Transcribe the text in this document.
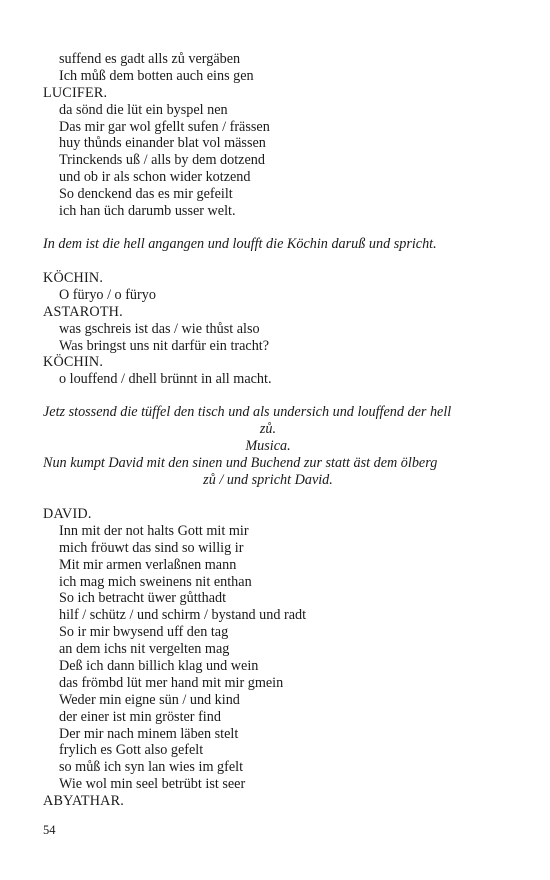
suffend es gadt alls zů vergäben
Ich můß dem botten auch eins gen
LUCIFER.
da sönd die lüt ein byspel nen
Das mir gar wol gfellt sufen / frässen
huy thůnds einander blat vol mässen
Trinckends uß / alls by dem dotzend
und ob ir als schon wider kotzend
So denckend das es mir gefeilt
ich han üch darumb usser welt.
In dem ist die hell angangen und loufft die Köchin daruß und spricht.
KÖCHIN.
O füryo / o füryo
ASTAROTH.
was gschreis ist das / wie thůst also
Was bringst uns nit darfür ein tracht?
KÖCHIN.
o louffend / dhell brünnt in all macht.
Jetz stossend die tüffel den tisch und als undersich und louffend der hell
zů.
Musica.
Nun kumpt David mit den sinen und Buchend zur statt äst dem ölberg
zů / und spricht David.
DAVID.
Inn mit der not halts Gott mit mir
mich fröuwt das sind so willig ir
Mit mir armen verlaßnen mann
ich mag mich sweinens nit enthan
So ich betracht üwer gůtthadt
hilf / schütz / und schirm / bystand und radt
So ir mir bwysend uff den tag
an dem ichs nit vergelten mag
Deß ich dann billich klag und wein
das frömbd lüt mer hand mit mir gmein
Weder min eigne sün / und kind
der einer ist min gröster find
Der mir nach minem läben stelt
frylich es Gott also gefelt
so můß ich syn lan wies im gfelt
Wie wol min seel betrübt ist seer
ABYATHAR.
54
